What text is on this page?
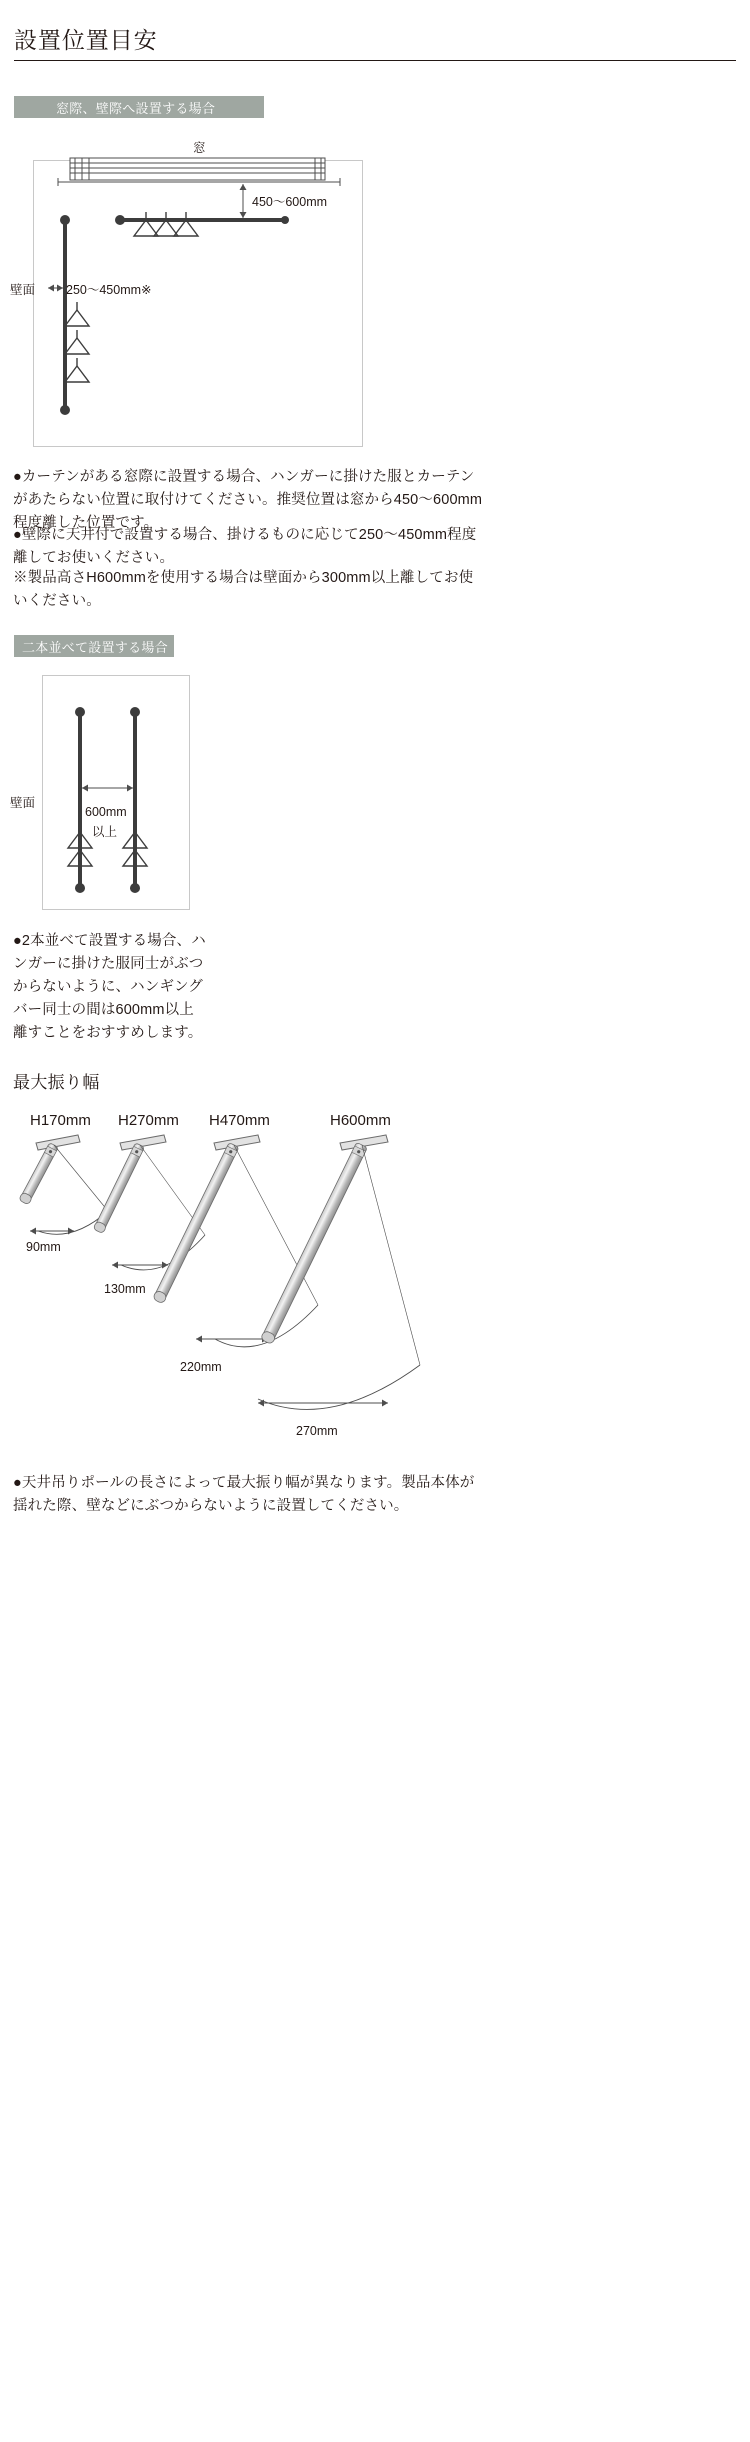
設置位置目安
窓際、壁際へ設置する場合
窓
450〜600mm
壁面 250〜450mm※
●カーテンがある窓際に設置する場合、ハンガーに掛けた服とカーテンがあたらない位置に取付けてください。推奨位置は窓から450〜600mm程度離した位置です。
●壁際に天井付で設置する場合、掛けるものに応じて250〜450mm程度離してお使いください。
※製品高さH600mmを使用する場合は壁面から300mm以上離してお使いください。
二本並べて設置する場合
壁面
600mm
以上
●2本並べて設置する場合、ハンガーに掛けた服同士がぶつからないように、ハンギングバー同士の間は600mm以上離すことをおすすめします。
最大振り幅
H170mm H270mm H470mm	H600mm
90mm
130mm
220mm
270mm
●天井吊りポールの長さによって最大振り幅が異なります。製品本体が揺れた際、壁などにぶつからないように設置してください。
